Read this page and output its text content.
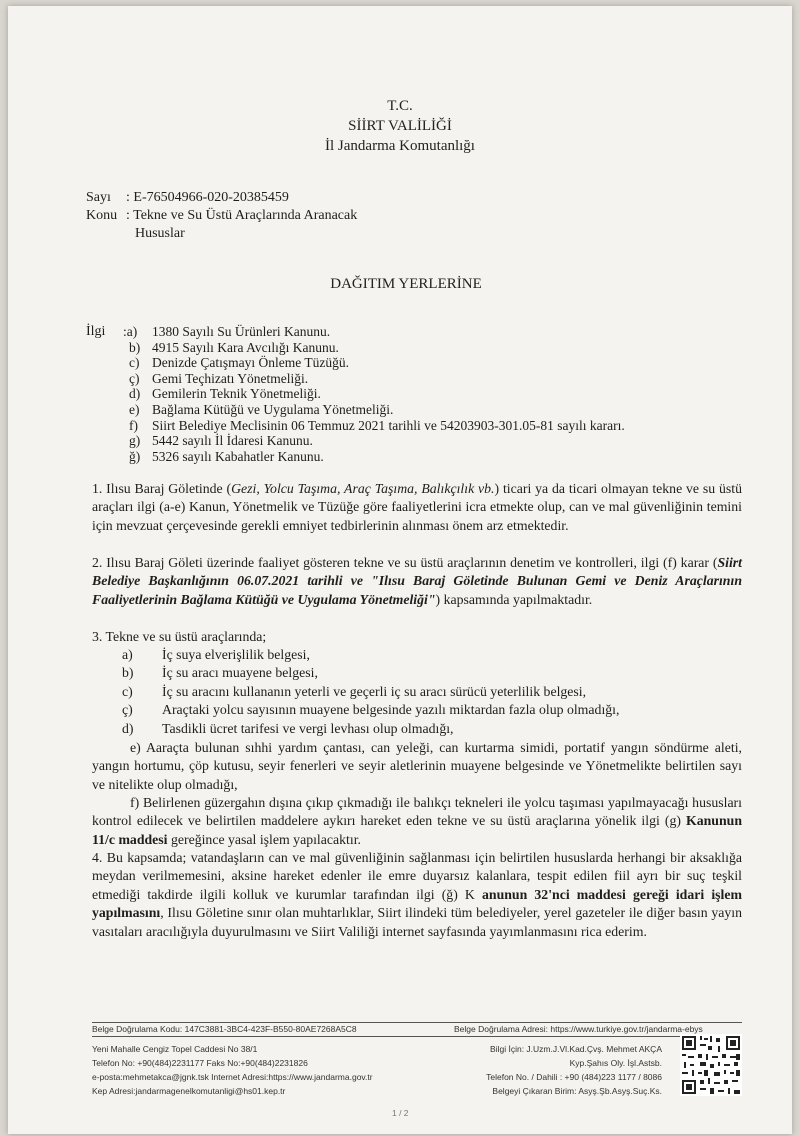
T.C.
SİİRT VALİLİĞİ
İl Jandarma Komutanlığı
Sayı : E-76504966-020-20385459
Konu : Tekne ve Su Üstü Araçlarında Aranacak
Hususlar
DAĞITIM YERLERİNE
İlgi :a) 1380 Sayılı Su Ürünleri Kanunu.
b) 4915 Sayılı Kara Avcılığı Kanunu.
c) Denizde Çatışmayı Önleme Tüzüğü.
ç) Gemi Teçhizatı Yönetmeliği.
d) Gemilerin Teknik Yönetmeliği.
e) Bağlama Kütüğü ve Uygulama Yönetmeliği.
f) Siirt Belediye Meclisinin 06 Temmuz 2021 tarihli ve 54203903-301.05-81 sayılı kararı.
g) 5442 sayılı İl İdaresi Kanunu.
ğ) 5326 sayılı Kabahatler Kanunu.

1. Ilısu Baraj Göletinde (Gezi, Yolcu Taşıma, Araç Taşıma, Balıkçılık vb.) ticari ya da ticari olmayan tekne ve su üstü araçları ilgi (a-e) Kanun, Yönetmelik ve Tüzüğe göre faaliyetlerini icra etmekte olup, can ve mal güvenliğinin temini için mevzuat çerçevesinde gerekli emniyet tedbirlerinin alınması önem arz etmektedir.

2. Ilısu Baraj Göleti üzerinde faaliyet gösteren tekne ve su üstü araçlarının denetim ve kontrolleri, ilgi (f) karar (Siirt Belediye Başkanlığının 06.07.2021 tarihli ve "Ilısu Baraj Göletinde Bulunan Gemi ve Deniz Araçlarının Faaliyetlerinin Bağlama Kütüğü ve Uygulama Yönetmeliği") kapsamında yapılmaktadır.

3. Tekne ve su üstü araçlarında;
a)	İç suya elverişlilik belgesi,
b)	İç su aracı muayene belgesi,
c)	İç su aracını kullananın yeterli ve geçerli iç su aracı sürücü yeterlilik belgesi,
ç)	Araçtaki yolcu sayısının muayene belgesinde yazılı miktardan fazla olup olmadığı,
d)	Tasdikli ücret tarifesi ve vergi levhası olup olmadığı,
e) Aaraçta bulunan sıhhi yardım çantası, can yeleği, can kurtarma simidi, portatif yangın söndürme aleti, yangın hortumu, çöp kutusu, seyir fenerleri ve seyir aletlerinin muayene belgesinde ve Yönetmelikte belirtilen sayı ve nitelikte olup olmadığı,
f) Belirlenen güzergahın dışına çıkıp çıkmadığı ile balıkçı tekneleri ile yolcu taşıması yapılmayacağı hususları kontrol edilecek ve belirtilen maddelere aykırı hareket eden tekne ve su üstü araçlarına yönelik ilgi (g) Kanunun 11/c maddesi gereğince yasal işlem yapılacaktır.

4. Bu kapsamda; vatandaşların can ve mal güvenliğinin sağlanması için belirtilen hususlarda herhangi bir aksaklığa meydan verilmemesini, aksine hareket edenler ile emre duyarsız kalanlara, tespit edilen fiil ayrı bir suç teşkil etmediği takdirde ilgili kolluk ve kurumlar tarafından ilgi (ğ) K anunun 32'nci maddesi gereği idari işlem yapılmasını, Ilısu Göletine sınır olan muhtarlıklar, Siirt ilindeki tüm belediyeler, yerel gazeteler ile diğer basın yayın vasıtaları aracılığıyla duyurulmasını ve Siirt Valiliği internet sayfasında yayımlanmasını rica ederim.

Belge Doğrulama Kodu: 147C3881-3BC4-423F-B550-80AE7268A5C8	Belge Doğrulama Adresi: https://www.turkiye.gov.tr/jandarma-ebys
Yeni Mahalle Cengiz Topel Caddesi No 38/1
Telefon No: +90(484)2231177 Faks No:+90(484)2231826
e-posta:mehmetakca@jgnk.tsk Internet Adresi:https://www.jandarma.gov.tr
Kep Adresi:jandarmagenelkomutanligi@hs01.kep.tr
Bilgi İçin: J.Uzm.J.Vl.Kad.Çvş. Mehmet AKÇA
Kyp.Şahıs Oly. İşl.Astsb.
Telefon No. / Dahili : +90 (484)223 1177 / 8086
Belgeyi Çıkaran Birim: Asyş.Şb.Asyş.Suç.Ks.
1 / 2
